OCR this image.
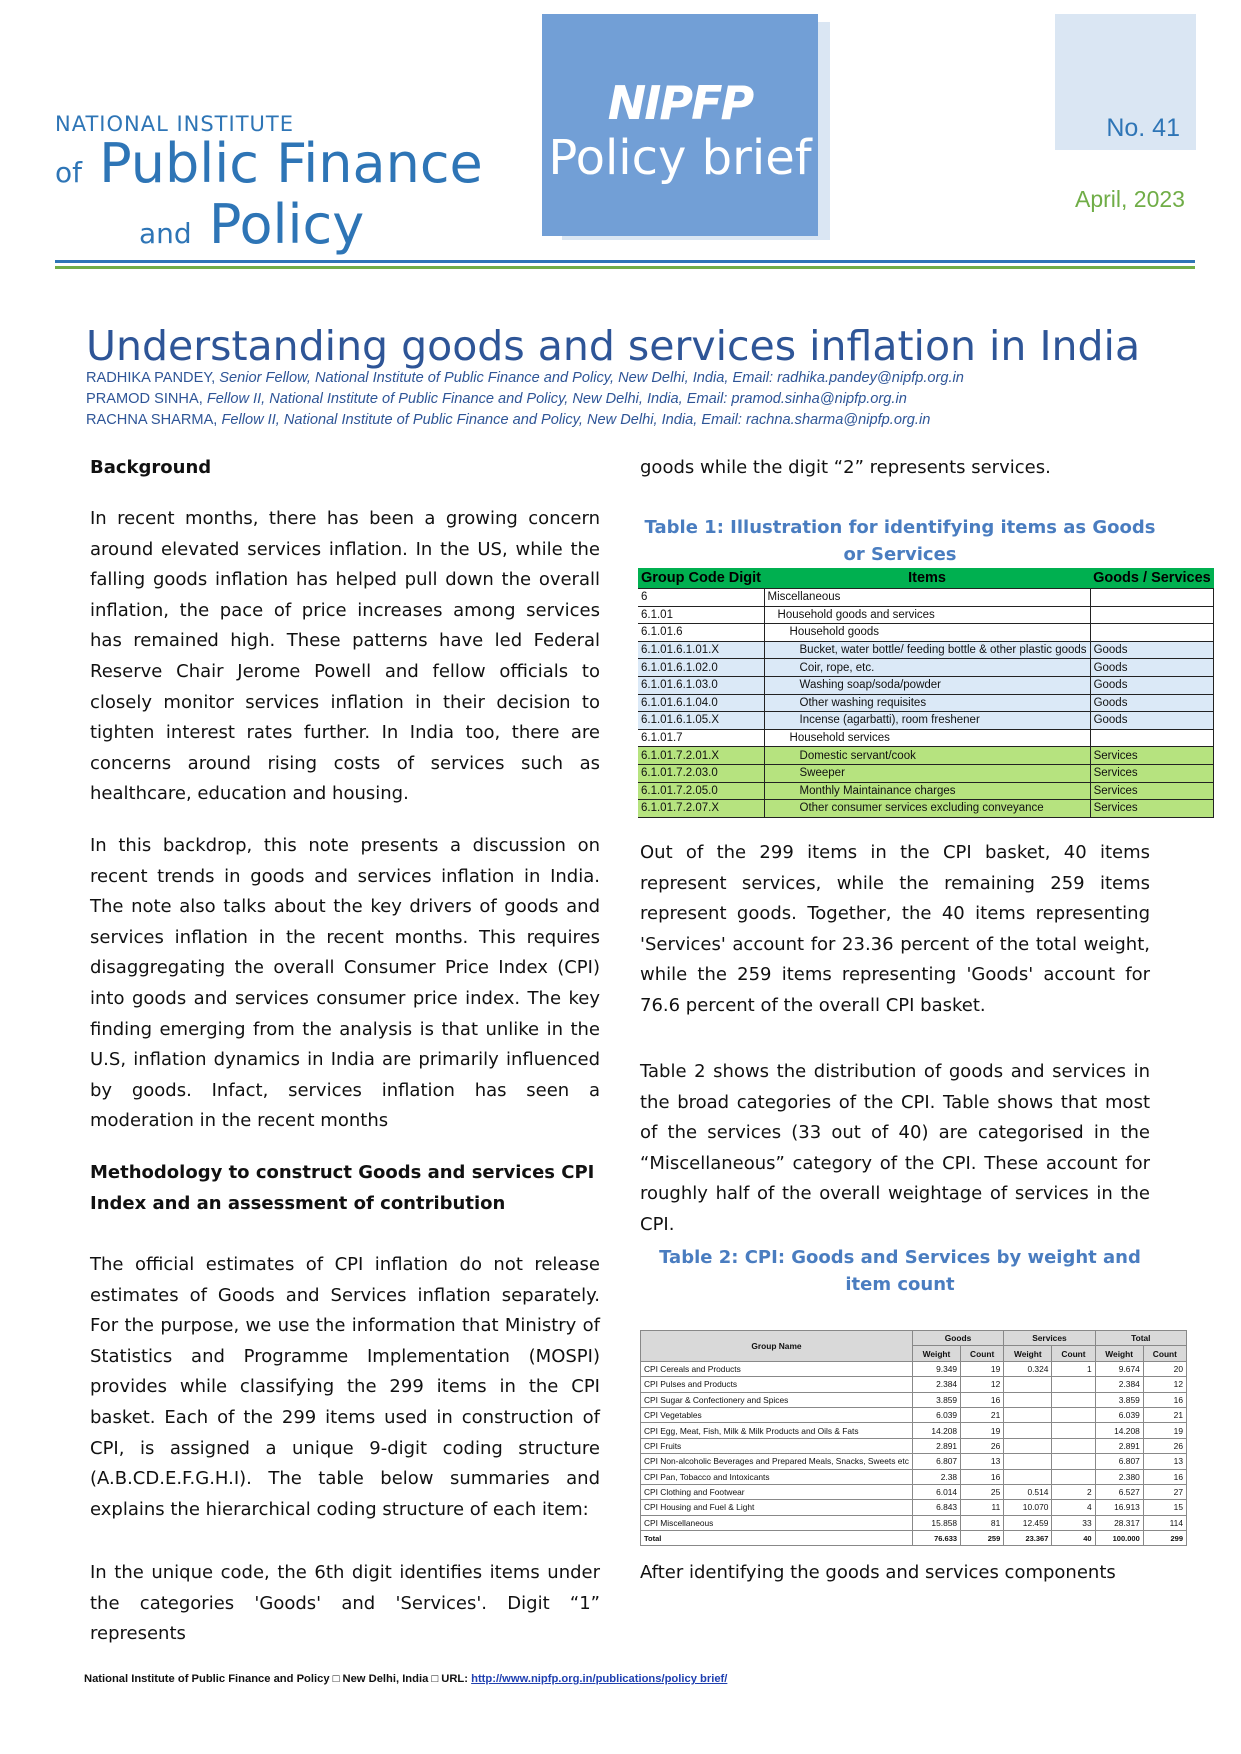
NATIONAL INSTITUTE
of Public Finance
and Policy
NIPFP
Policy brief
No. 41
April, 2023
Understanding goods and services inflation in India
RADHIKA PANDEY, Senior Fellow, National Institute of Public Finance and Policy, New Delhi, India, Email: radhika.pandey@nipfp.org.in
PRAMOD SINHA, Fellow II, National Institute of Public Finance and Policy, New Delhi, India, Email: pramod.sinha@nipfp.org.in
RACHNA SHARMA, Fellow II, National Institute of Public Finance and Policy, New Delhi, India, Email: rachna.sharma@nipfp.org.in
Background
In recent months, there has been a growing concern around elevated services inflation. In the US, while the falling goods inflation has helped pull down the overall inflation, the pace of price increases among services has remained high. These patterns have led Federal Reserve Chair Jerome Powell and fellow officials to closely monitor services inflation in their decision to tighten interest rates further. In India too, there are concerns around rising costs of services such as healthcare, education and housing.
In this backdrop, this note presents a discussion on recent trends in goods and services inflation in India. The note also talks about the key drivers of goods and services inflation in the recent months. This requires disaggregating the overall Consumer Price Index (CPI) into goods and services consumer price index. The key finding emerging from the analysis is that unlike in the U.S, inflation dynamics in India are primarily influenced by goods. Infact, services inflation has seen a moderation in the recent months
Methodology to construct Goods and services CPI Index and an assessment of contribution
The official estimates of CPI inflation do not release estimates of Goods and Services inflation separately. For the purpose, we use the information that Ministry of Statistics and Programme Implementation (MOSPI) provides while classifying the 299 items in the CPI basket. Each of the 299 items used in construction of CPI, is assigned a unique 9-digit coding structure (A.B.CD.E.F.G.H.I). The table below summaries and explains the hierarchical coding structure of each item:
In the unique code, the 6th digit identifies items under the categories 'Goods' and 'Services'. Digit “1” represents
goods while the digit “2” represents services.
Table 1: Illustration for identifying items as Goods or Services
Group Code Digit	Items	Goods / Services
6	Miscellaneous	
6.1.01	Household goods and services	
6.1.01.6	Household goods	
6.1.01.6.1.01.X	Bucket, water bottle/ feeding bottle & other plastic goods	Goods
6.1.01.6.1.02.0	Coir, rope, etc.	Goods
6.1.01.6.1.03.0	Washing soap/soda/powder	Goods
6.1.01.6.1.04.0	Other washing requisites	Goods
6.1.01.6.1.05.X	Incense (agarbatti), room freshener	Goods
6.1.01.7	Household services	
6.1.01.7.2.01.X	Domestic servant/cook	Services
6.1.01.7.2.03.0	Sweeper	Services
6.1.01.7.2.05.0	Monthly Maintainance charges	Services
6.1.01.7.2.07.X	Other consumer services excluding conveyance	Services
Out of the 299 items in the CPI basket, 40 items represent services, while the remaining 259 items represent goods. Together, the 40 items representing 'Services' account for 23.36 percent of the total weight, while the 259 items representing 'Goods' account for 76.6 percent of the overall CPI basket.
Table 2 shows the distribution of goods and services in the broad categories of the CPI. Table shows that most of the services (33 out of 40) are categorised in the “Miscellaneous” category of the CPI. These account for roughly half of the overall weightage of services in the CPI.
Table 2: CPI: Goods and Services by weight and item count
Group Name	Goods		Services		Total	
	Weight	Count	Weight	Count	Weight	Count
CPI Cereals and Products	9.349	19	0.324	1	9.674	20
CPI Pulses and Products	2.384	12			2.384	12
CPI Sugar & Confectionery and Spices	3.859	16			3.859	16
CPI Vegetables	6.039	21			6.039	21
CPI Egg, Meat, Fish, Milk & Milk Products and Oils & Fats	14.208	19			14.208	19
CPI Fruits	2.891	26			2.891	26
CPI Non-alcoholic Beverages and Prepared Meals, Snacks, Sweets etc	6.807	13			6.807	13
CPI Pan, Tobacco and Intoxicants	2.38	16			2.380	16
CPI Clothing and Footwear	6.014	25	0.514	2	6.527	27
CPI Housing and Fuel & Light	6.843	11	10.070	4	16.913	15
CPI Miscellaneous	15.858	81	12.459	33	28.317	114
Total	76.633	259	23.367	40	100.000	299
After identifying the goods and services components
National Institute of Public Finance and Policy □ New Delhi, India □ URL: http://www.nipfp.org.in/publications/policy brief/
